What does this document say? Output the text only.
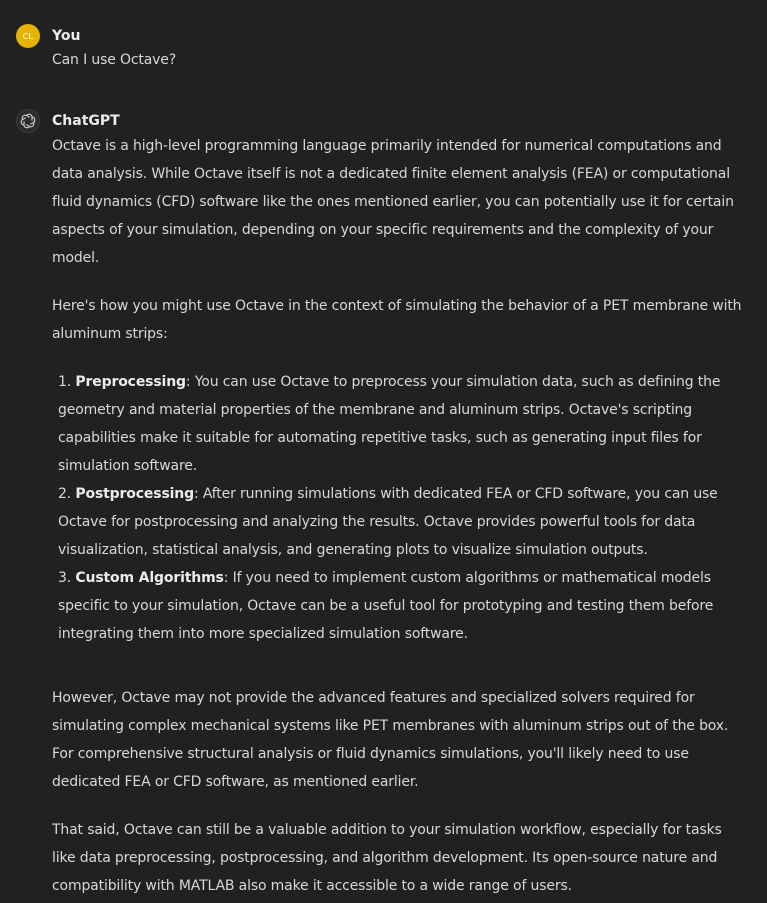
CL You
Can I use Octave?
ChatGPT

Octave is a high-level programming language primarily intended for numerical computations and data analysis. While Octave itself is not a dedicated finite element analysis (FEA) or computational fluid dynamics (CFD) software like the ones mentioned earlier, you can potentially use it for certain aspects of your simulation, depending on your specific requirements and the complexity of your model.

Here's how you might use Octave in the context of simulating the behavior of a PET membrane with aluminum strips:

1. Preprocessing: You can use Octave to preprocess your simulation data, such as defining the geometry and material properties of the membrane and aluminum strips. Octave's scripting capabilities make it suitable for automating repetitive tasks, such as generating input files for simulation software.
2. Postprocessing: After running simulations with dedicated FEA or CFD software, you can use Octave for postprocessing and analyzing the results. Octave provides powerful tools for data visualization, statistical analysis, and generating plots to visualize simulation outputs.
3. Custom Algorithms: If you need to implement custom algorithms or mathematical models specific to your simulation, Octave can be a useful tool for prototyping and testing them before integrating them into more specialized simulation software.

However, Octave may not provide the advanced features and specialized solvers required for simulating complex mechanical systems like PET membranes with aluminum strips out of the box. For comprehensive structural analysis or fluid dynamics simulations, you'll likely need to use dedicated FEA or CFD software, as mentioned earlier.

That said, Octave can still be a valuable addition to your simulation workflow, especially for tasks like data preprocessing, postprocessing, and algorithm development. Its open-source nature and compatibility with MATLAB also make it accessible to a wide range of users.
